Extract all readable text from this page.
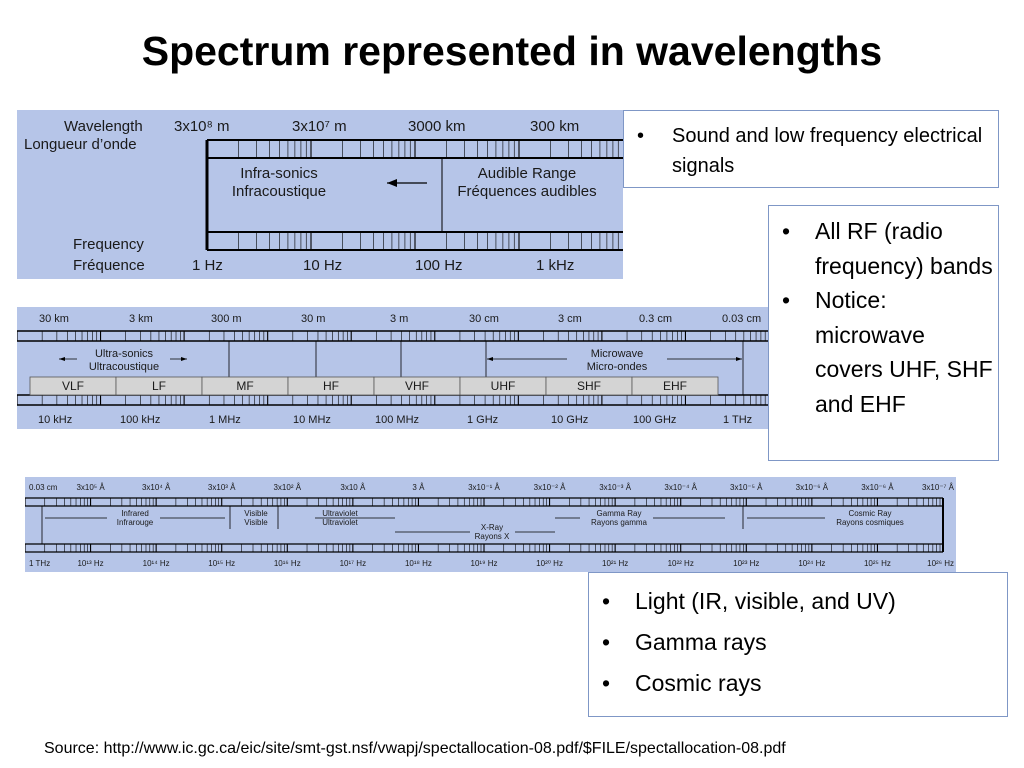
Spectrum represented in wavelengths
Wavelength
Longueur d’onde
Frequency
Fréquence
3x10⁸ m	3x10⁷ m	3000 km	300 km
1 Hz	10 Hz	100 Hz	1 kHz
Infra-sonics
Infracoustique
Audible Range
Fréquences audibles
VLF	LF	MF	HF	VHF	UHF	SHF	EHF
30 km	3 km	300 m	30 m	3 m	30 cm	3 cm	0.3 cm	0.03 cm
10 kHz	100 kHz	1 MHz	10 MHz	100 MHz	1 GHz	10 GHz	100 GHz	1 THz
Ultra-sonics
Ultracoustique
Microwave
Micro-ondes
Infrared
Infrarouge
Visible
Visible
Ultraviolet
Ultraviolet
X-Ray
Rayons X
Gamma Ray
Rayons gamma
Cosmic Ray
Rayons cosmiques
0.03 cm 3x10⁵ Å	3x10⁴ Å	3x10³ Å	3x10² Å	3x10 Å	3 Å	3x10⁻¹ Å	3x10⁻² Å	3x10⁻³ Å	3x10⁻⁴ Å	3x10⁻⁵ Å	3x10⁻⁶ Å	3x10⁻⁶ Å	3x10⁻⁷ Å
1 THz	10¹³ Hz	10¹⁴ Hz	10¹⁵ Hz	10¹⁶ Hz	10¹⁷ Hz	10¹⁸ Hz	10¹⁹ Hz	10²⁰ Hz	10²¹ Hz	10²² Hz	10²³ Hz	10²⁴ Hz	10²⁵ Hz	10²⁶ Hz
• Sound and low frequency electrical signals
• All RF (radio frequency) bands
• Notice: microwave covers UHF, SHF and EHF
• Light (IR, visible, and UV)
• Gamma rays
• Cosmic rays
Source: http://www.ic.gc.ca/eic/site/smt-gst.nsf/vwapj/spectallocation-08.pdf/$FILE/spectallocation-08.pdf
